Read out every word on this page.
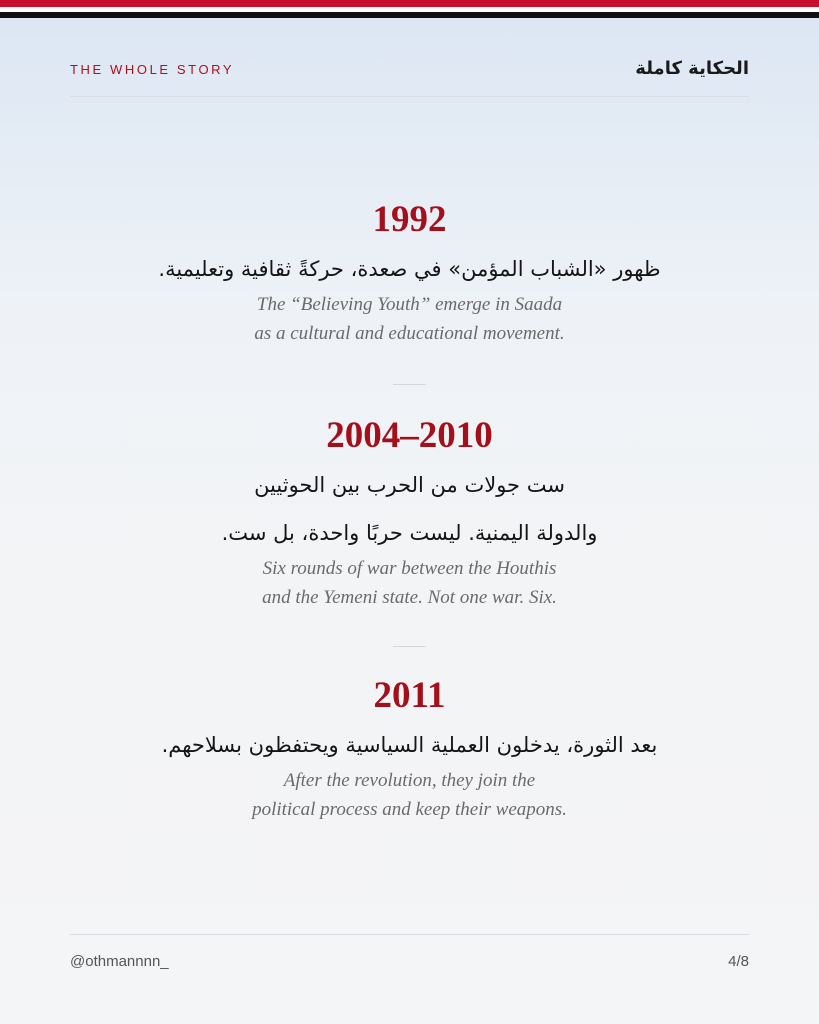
THE WHOLE STORY	الحكاية كاملة
1992
ظهور «الشباب المؤمن» في صعدة، حركةً ثقافية وتعليمية.
The “Believing Youth” emerge in Saada
as a cultural and educational movement.
2004–2010
ست جولات من الحرب بين الحوثيين
والدولة اليمنية. ليست حربًا واحدة، بل ست.
Six rounds of war between the Houthis
and the Yemeni state. Not one war. Six.
2011
بعد الثورة، يدخلون العملية السياسية ويحتفظون بسلاحهم.
After the revolution, they join the
political process and keep their weapons.
@othmannnn_	4/8
